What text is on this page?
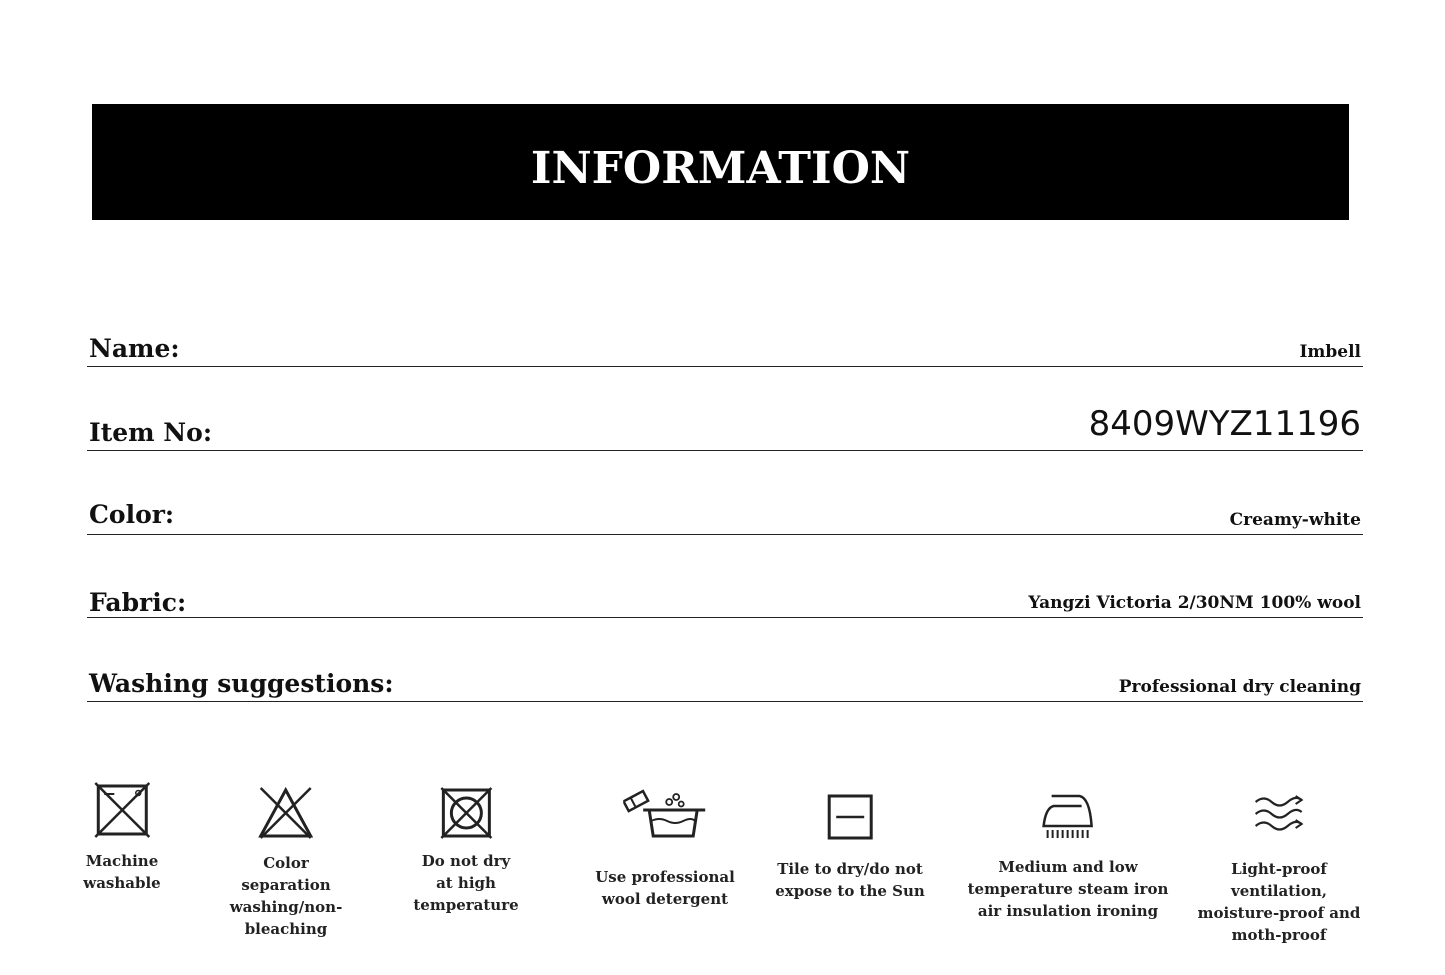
INFORMATION
Name:	Imbell
Item No:	8409WYZ11196
Color:	Creamy-white
Fabric:	Yangzi Victoria 2/30NM 100% wool
Washing suggestions:	Professional dry cleaning
Machine
washable
Color
separation
washing/non-
bleaching
Do not dry
at high
temperature
Use professional
wool detergent
Tile to dry/do not
expose to the Sun
Medium and low
temperature steam iron
air insulation ironing
Light-proof
ventilation,
moisture-proof and
moth-proof
